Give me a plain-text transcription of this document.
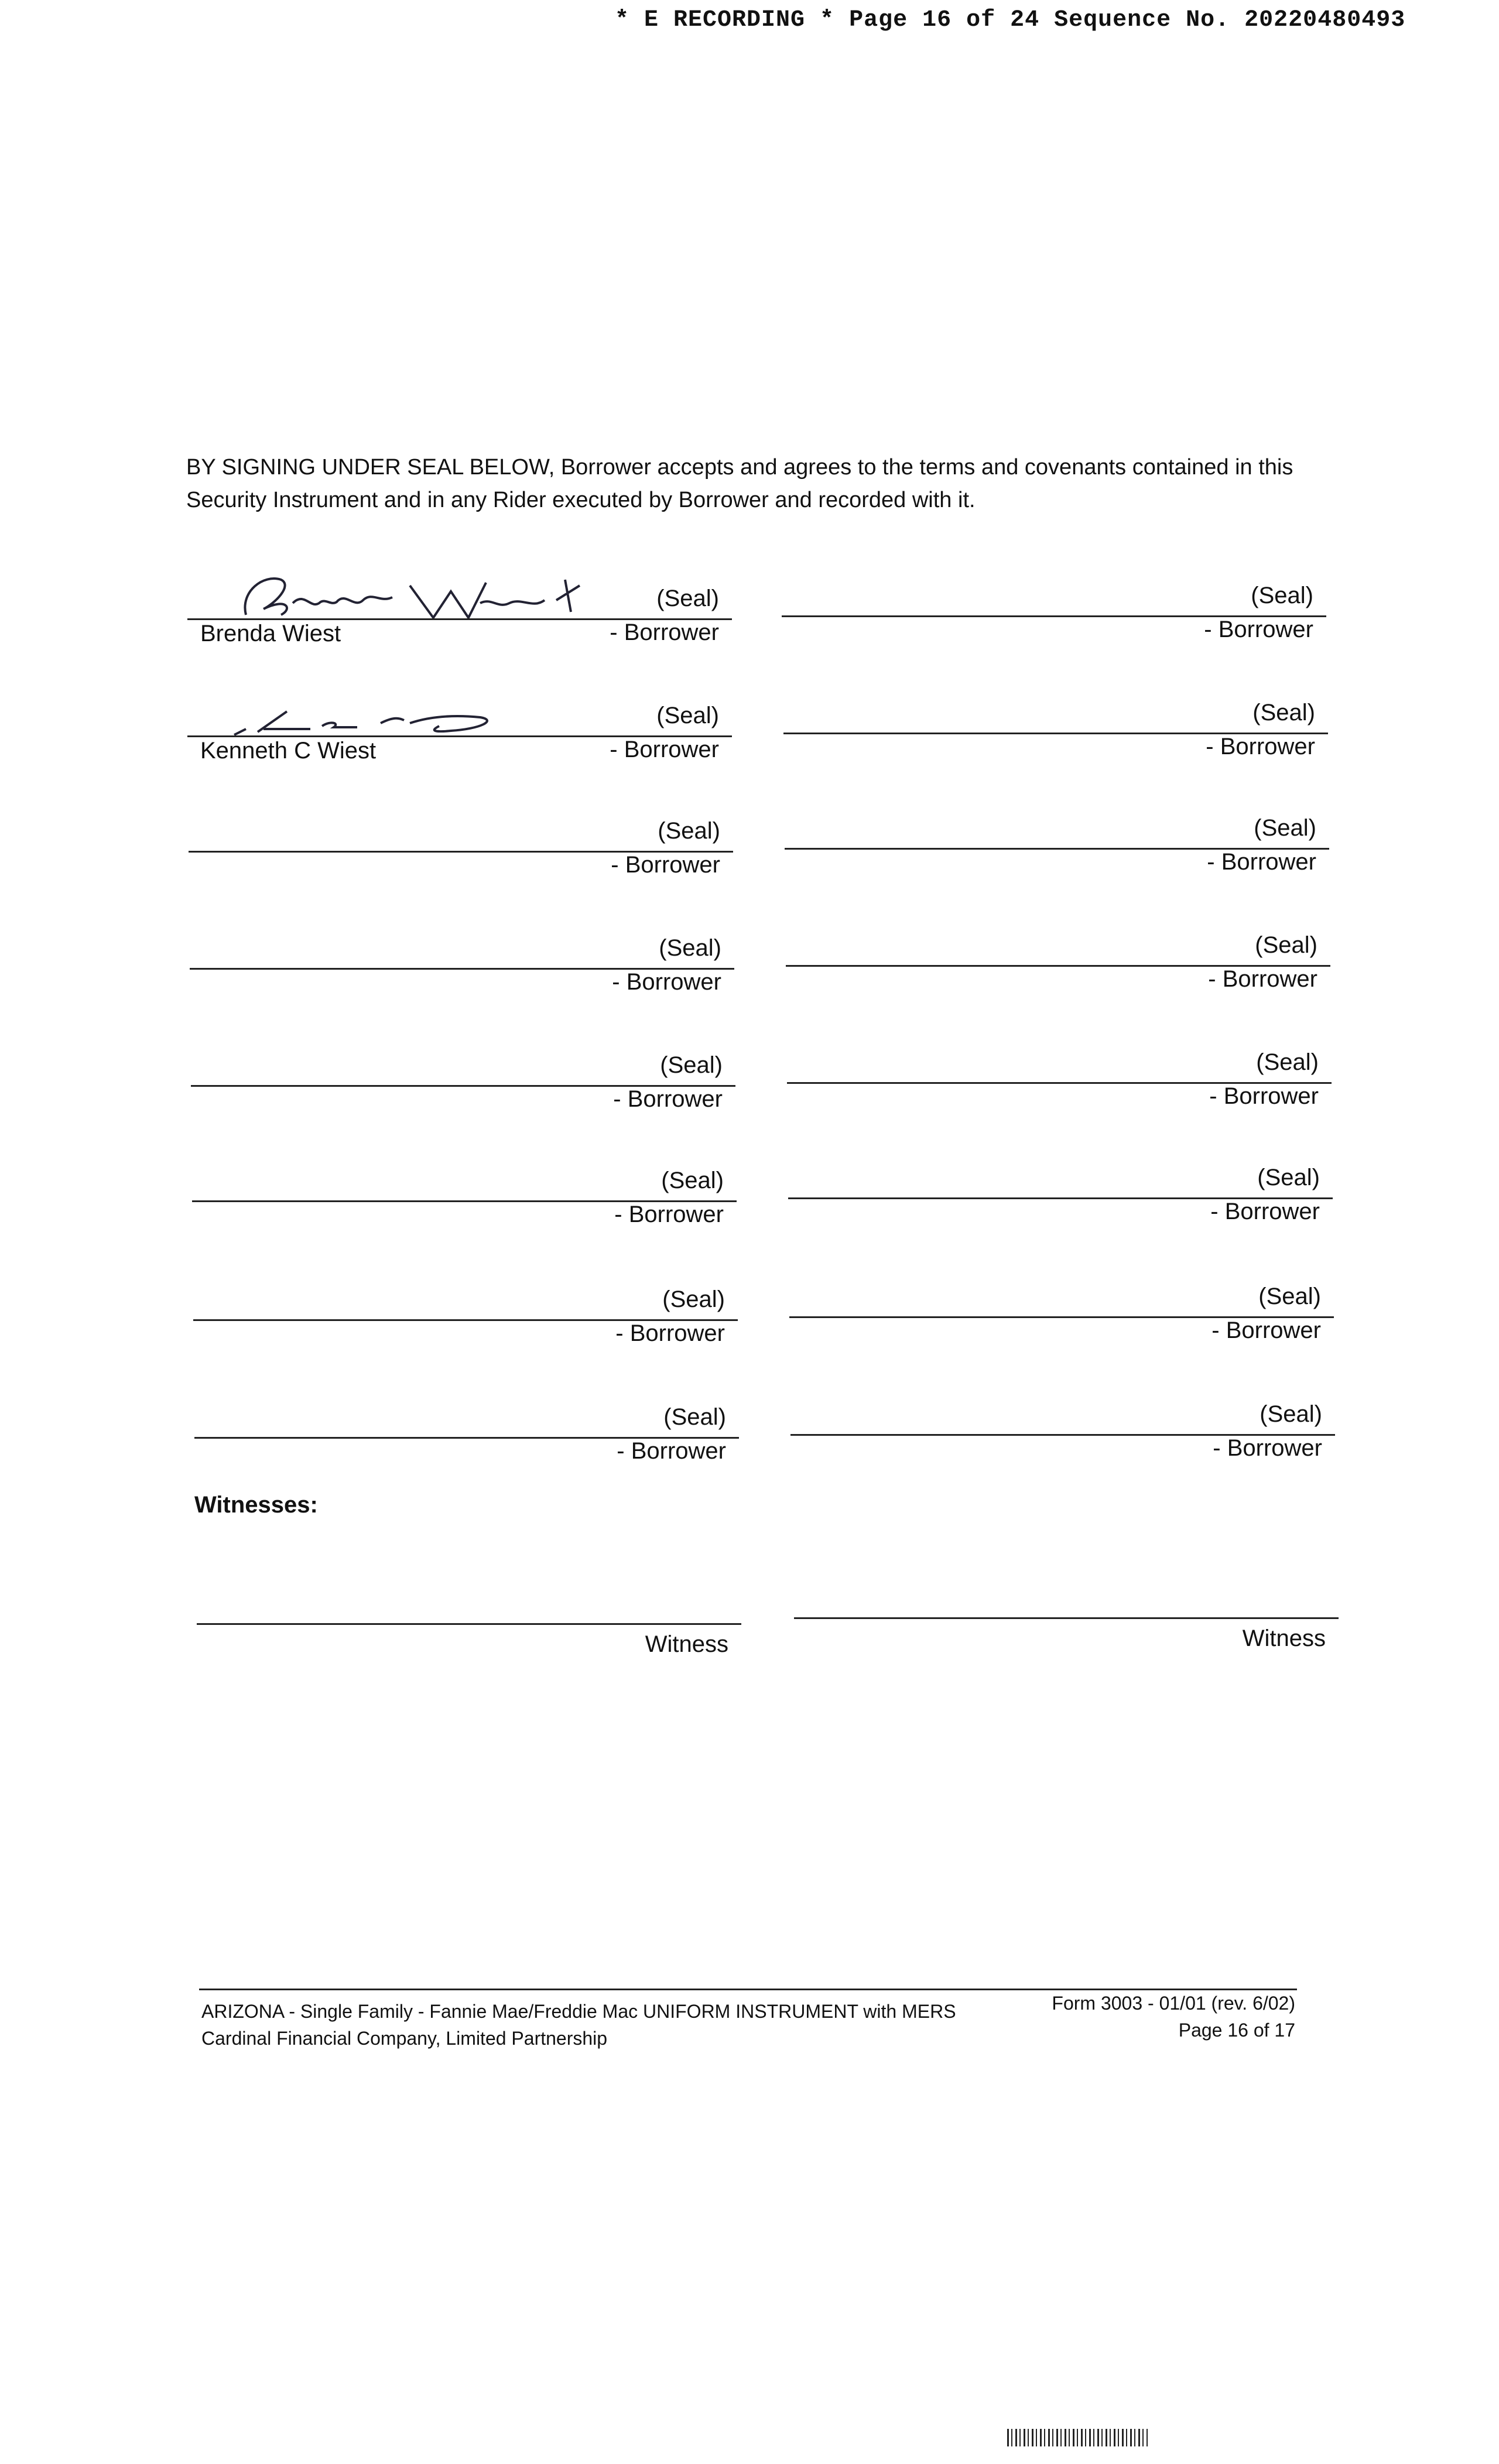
* E RECORDING * Page 16 of 24 Sequence No. 20220480493
BY SIGNING UNDER SEAL BELOW, Borrower accepts and agrees to the terms and covenants contained in this Security Instrument and in any Rider executed by Borrower and recorded with it.
(Seal)
Brenda Wiest	- Borrower
(Seal)
- Borrower
(Seal)
Kenneth C Wiest	- Borrower
(Seal)
- Borrower
(Seal)
- Borrower
(Seal)
- Borrower
(Seal)
- Borrower
(Seal)
- Borrower
(Seal)
- Borrower
(Seal)
- Borrower
(Seal)
- Borrower
(Seal)
- Borrower
(Seal)
- Borrower
(Seal)
- Borrower
(Seal)
- Borrower
(Seal)
- Borrower
Witnesses:
Witness	Witness
ARIZONA - Single Family - Fannie Mae/Freddie Mac UNIFORM INSTRUMENT with MERS
Cardinal Financial Company, Limited Partnership
Form 3003 - 01/01 (rev. 6/02)
Page 16 of 17
